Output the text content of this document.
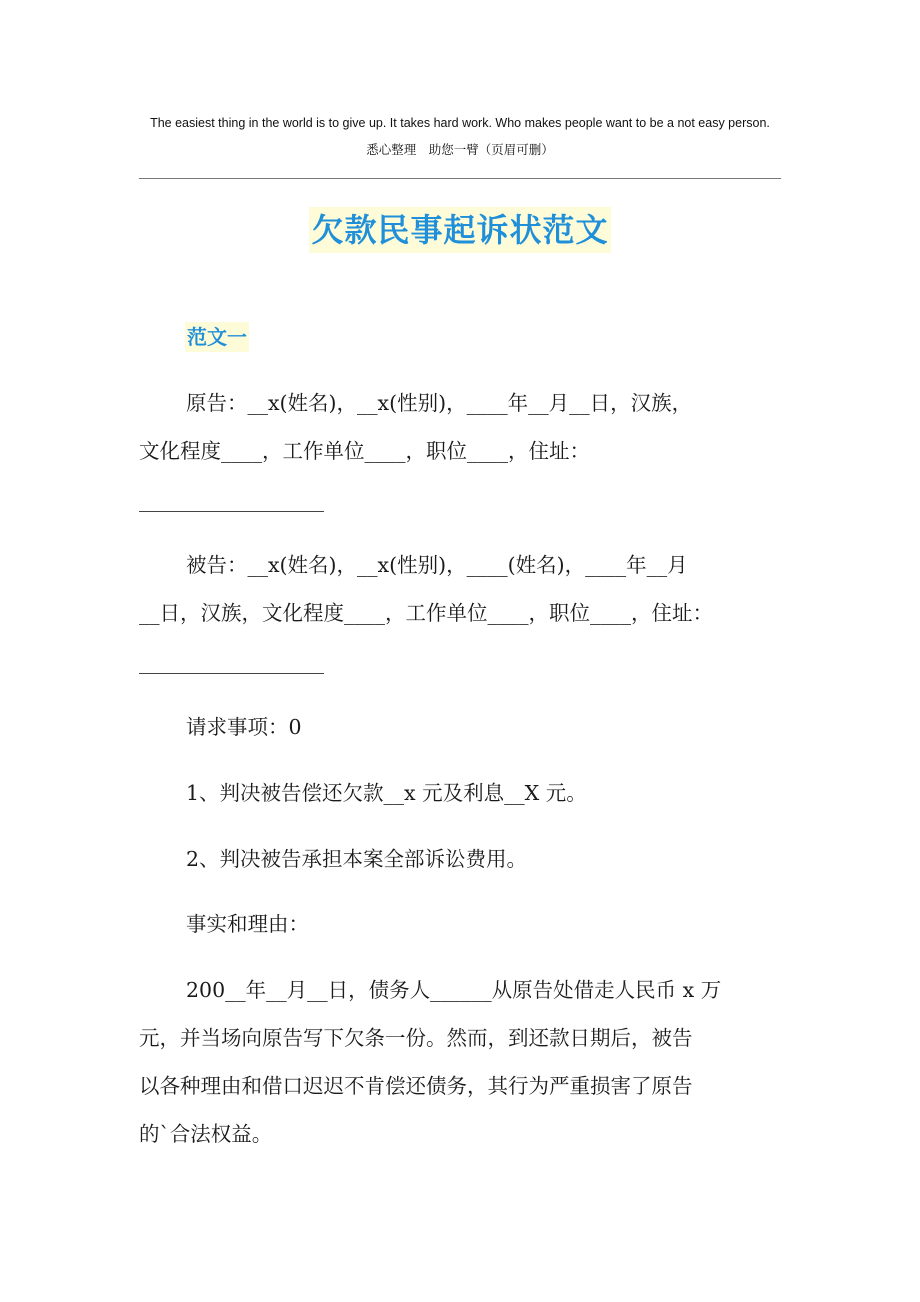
The easiest thing in the world is to give up. It takes hard work. Who makes people want to be a not easy person.
悉心整理　助您一臂（页眉可删）
欠款民事起诉状范文
范文一
原告：__x(姓名)，__x(性别)，____年__月__日，汉族，
文化程度____，工作单位____，职位____，住址：
被告：__x(姓名)，__x(性别)，____(姓名)，____年__月
__日，汉族，文化程度____，工作单位____，职位____，住址：
请求事项：0
1、判决被告偿还欠款__x 元及利息__X 元。
2、判决被告承担本案全部诉讼费用。
事实和理由：
200__年__月__日，债务人______从原告处借走人民币 x 万
元，并当场向原告写下欠条一份。然而，到还款日期后，被告
以各种理由和借口迟迟不肯偿还债务，其行为严重损害了原告
的`合法权益。
